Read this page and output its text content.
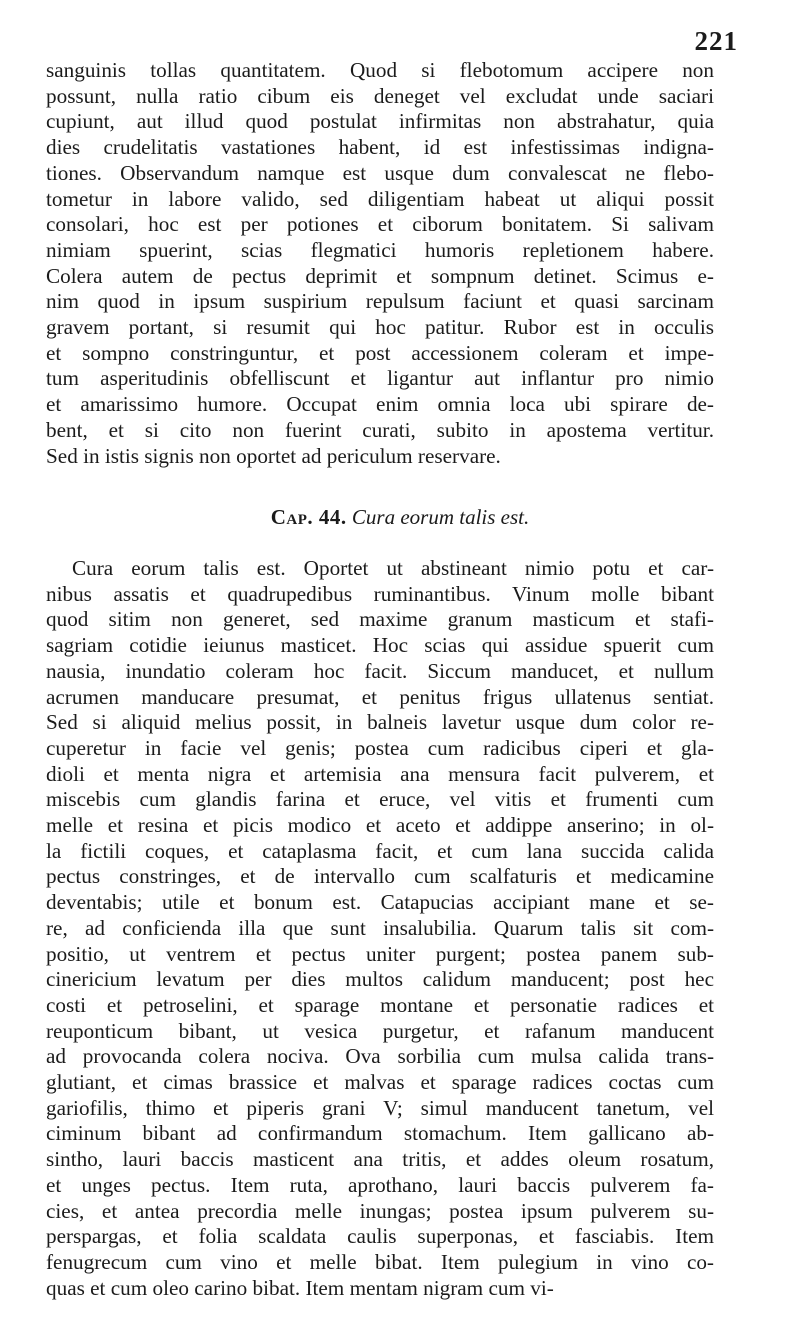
221
sanguinis tollas quantitatem. Quod si flebotomum accipere non
possunt, nulla ratio cibum eis deneget vel excludat unde saciari
cupiunt, aut illud quod postulat infirmitas non abstrahatur, quia
dies crudelitatis vastationes habent, id est infestissimas indigna-
tiones. Observandum namque est usque dum convalescat ne flebo-
tometur in labore valido, sed diligentiam habeat ut aliqui possit
consolari, hoc est per potiones et ciborum bonitatem. Si salivam
nimiam spuerint, scias flegmatici humoris repletionem habere.
Colera autem de pectus deprimit et sompnum detinet. Scimus e-
nim quod in ipsum suspirium repulsum faciunt et quasi sarcinam
gravem portant, si resumit qui hoc patitur. Rubor est in occulis
et sompno constringuntur, et post accessionem coleram et impe-
tum asperitudinis obfelliscunt et ligantur aut inflantur pro nimio
et amarissimo humore. Occupat enim omnia loca ubi spirare de-
bent, et si cito non fuerint curati, subito in apostema vertitur.
Sed in istis signis non oportet ad periculum reservare.
Cap. 44. Cura eorum talis est.
Cura eorum talis est. Oportet ut abstineant nimio potu et car-
nibus assatis et quadrupedibus ruminantibus. Vinum molle bibant
quod sitim non generet, sed maxime granum masticum et stafi-
sagriam cotidie ieiunus masticet. Hoc scias qui assidue spuerit cum
nausia, inundatio coleram hoc facit. Siccum manducet, et nullum
acrumen manducare presumat, et penitus frigus ullatenus sentiat.
Sed si aliquid melius possit, in balneis lavetur usque dum color re-
cuperetur in facie vel genis; postea cum radicibus ciperi et gla-
dioli et menta nigra et artemisia ana mensura facit pulverem, et
miscebis cum glandis farina et eruce, vel vitis et frumenti cum
melle et resina et picis modico et aceto et addippe anserino; in ol-
la fictili coques, et cataplasma facit, et cum lana succida calida
pectus constringes, et de intervallo cum scalfaturis et medicamine
deventabis; utile et bonum est. Catapucias accipiant mane et se-
re, ad conficienda illa que sunt insalubilia. Quarum talis sit com-
positio, ut ventrem et pectus uniter purgent; postea panem sub-
cinericium levatum per dies multos calidum manducent; post hec
costi et petroselini, et sparage montane et personatie radices et
reuponticum bibant, ut vesica purgetur, et rafanum manducent
ad provocanda colera nociva. Ova sorbilia cum mulsa calida trans-
glutiant, et cimas brassice et malvas et sparage radices coctas cum
gariofilis, thimo et piperis grani V; simul manducent tanetum, vel
ciminum bibant ad confirmandum stomachum. Item gallicano ab-
sintho, lauri baccis masticent ana tritis, et addes oleum rosatum,
et unges pectus. Item ruta, aprothano, lauri baccis pulverem fa-
cies, et antea precordia melle inungas; postea ipsum pulverem su-
perspargas, et folia scaldata caulis superponas, et fasciabis. Item
fenugrecum cum vino et melle bibat. Item pulegium in vino co-
quas et cum oleo carino bibat. Item mentam nigram cum vi-
